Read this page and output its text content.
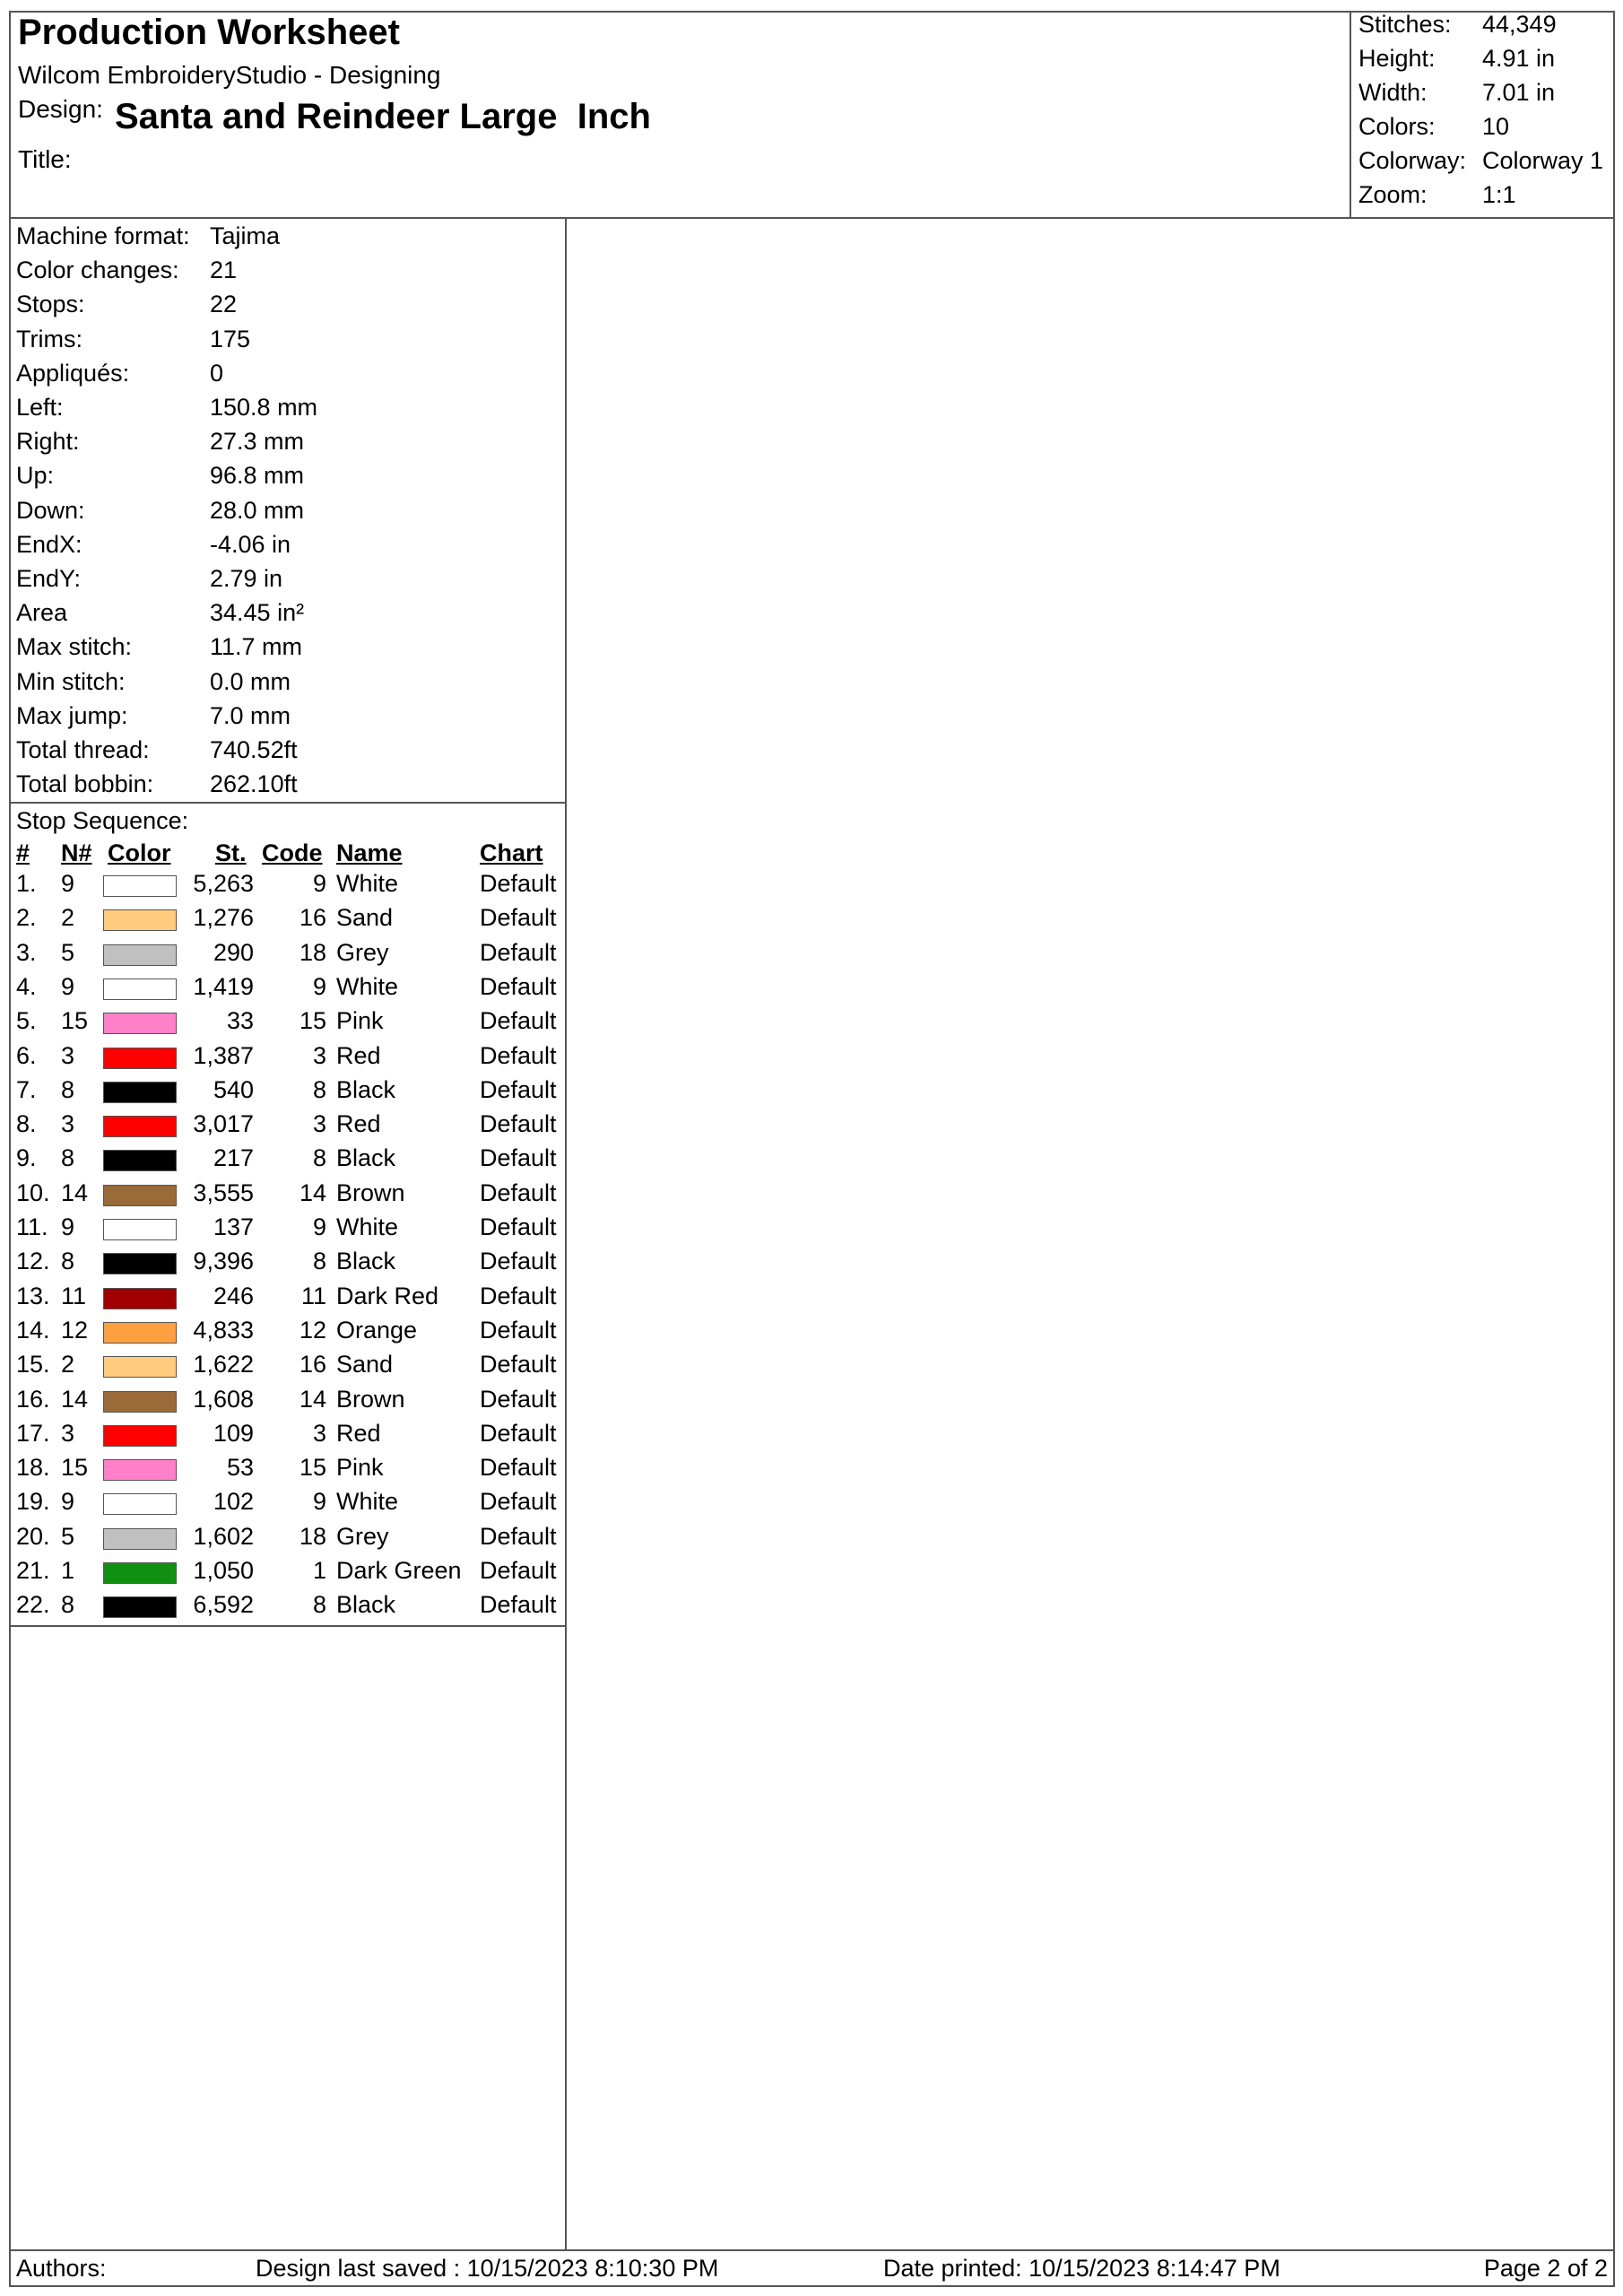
Production Worksheet
Wilcom EmbroideryStudio - Designing
Design: Santa and Reindeer Large  Inch
Title:
Stitches: 44,349
Height: 4.91 in
Width: 7.01 in
Colors: 10
Colorway: Colorway 1
Zoom: 1:1
Machine format: Tajima
Color changes: 21
Stops:	22
Trims:	175
Appliqués:	0
Left:	150.8 mm
Right:	27.3 mm
Up:	96.8 mm
Down:	28.0 mm
EndX:	-4.06 in
EndY:	2.79 in
Area	34.45 in²
Max stitch:	11.7 mm
Min stitch:	0.0 mm
Max jump:	7.0 mm
Total thread: 740.52ft
Total bobbin: 262.10ft
Stop Sequence:
# N# Color St. Code Name	Chart
1. 9	5,263 9 White	Default
2. 2	1,276 16 Sand	Default
3. 5	290 18 Grey	Default
4. 9	1,419 9 White	Default
5. 15	33 15 Pink	Default
6. 3	1,387 3 Red	Default
7. 8	540 8 Black	Default
8. 3	3,017 3 Red	Default
9. 8	217 8 Black	Default
10. 14	3,555 14 Brown	Default
11. 9	137 9 White	Default
12. 8	9,396 8 Black	Default
13. 11	246 11 Dark Red Default
14. 12	4,833 12 Orange	Default
15. 2	1,622 16 Sand	Default
16. 14	1,608 14 Brown	Default
17. 3	109 3 Red	Default
18. 15	53 15 Pink	Default
19. 9	102 9 White	Default
20. 5	1,602 18 Grey	Default
21. 1	1,050 1 Dark Green Default
22. 8	6,592 8 Black	Default
Authors:	Design last saved : 10/15/2023 8:10:30 PM	Date printed: 10/15/2023 8:14:47 PM	Page 2 of 2
